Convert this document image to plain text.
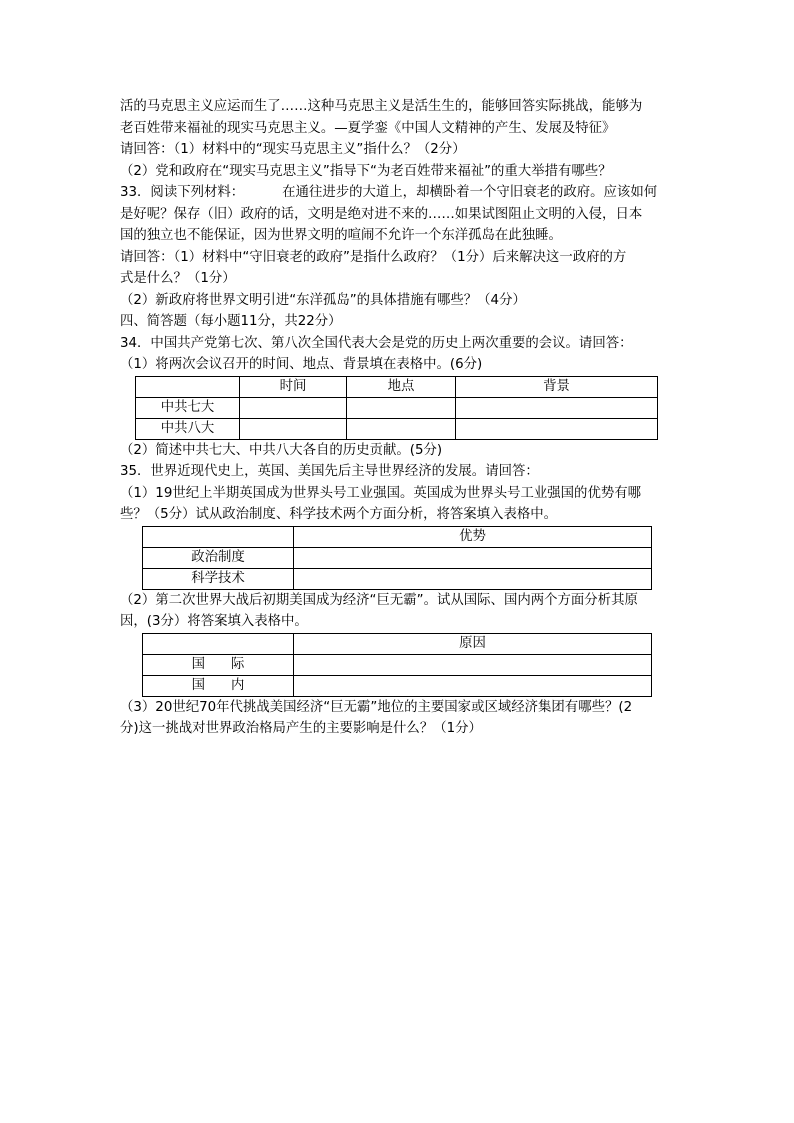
活的马克思主义应运而生了……这种马克思主义是活生生的，能够回答实际挑战，能够为
老百姓带来福祉的现实马克思主义。—夏学銮《中国人文精神的产生、发展及特征》
请回答：（1）材料中的“现实马克思主义”指什么？（2分）
（2）党和政府在“现实马克思主义”指导下“为老百姓带来福祉”的重大举措有哪些？
33．阅读下列材料：	在通往进步的大道上，却横卧着一个守旧衰老的政府。应该如何
是好呢？保存（旧）政府的话，文明是绝对进不来的……如果试图阻止文明的入侵，日本
国的独立也不能保证，因为世界文明的喧闹不允许一个东洋孤岛在此独睡。
请回答：（1）材料中“守旧衰老的政府”是指什么政府？（1分）后来解决这一政府的方
式是什么？（1分）
（2）新政府将世界文明引进“东洋孤岛”的具体措施有哪些？（4分）
四、简答题（每小题11分，共22分）
34．中国共产党第七次、第八次全国代表大会是党的历史上两次重要的会议。请回答：
（1）将两次会议召开的时间、地点、背景填在表格中。(6分)
	时间	地点	背景
中共七大			
中共八大			
（2）简述中共七大、中共八大各自的历史贡献。(5分)
35．世界近现代史上，英国、美国先后主导世界经济的发展。请回答：
（1）19世纪上半期英国成为世界头号工业强国。英国成为世界头号工业强国的优势有哪
些？（5分）试从政治制度、科学技术两个方面分析，将答案填入表格中。
	优势
政治制度	
科学技术	
（2）第二次世界大战后初期美国成为经济“巨无霸”。试从国际、国内两个方面分析其原
因，(3分）将答案填入表格中。
	原因
国际	
国内	
（3）20世纪70年代挑战美国经济“巨无霸”地位的主要国家或区域经济集团有哪些？(2
分)这一挑战对世界政治格局产生的主要影响是什么？（1分）
